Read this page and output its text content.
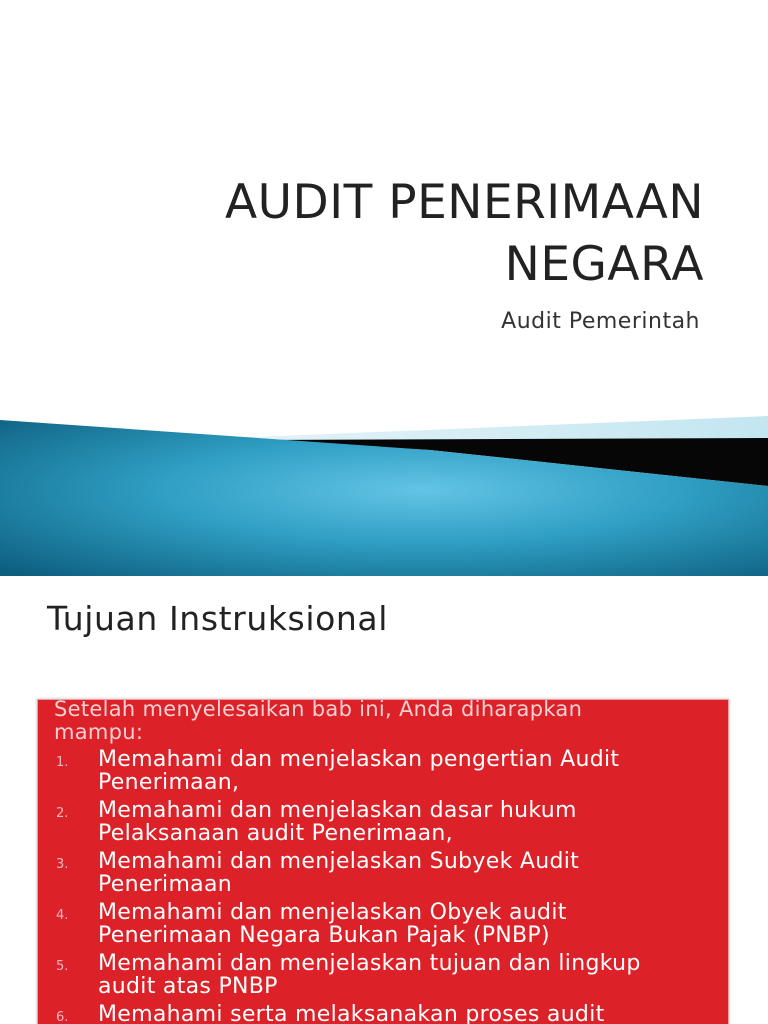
AUDIT PENERIMAAN
NEGARA
Audit Pemerintah
Tujuan Instruksional
Setelah menyelesaikan bab ini, Anda diharapkan
mampu:
1. Memahami dan menjelaskan pengertian Audit
Penerimaan,
2. Memahami dan menjelaskan dasar hukum
Pelaksanaan audit Penerimaan,
3. Memahami dan menjelaskan Subyek Audit
Penerimaan
4. Memahami dan menjelaskan Obyek audit
Penerimaan Negara Bukan Pajak (PNBP)
5. Memahami dan menjelaskan tujuan dan lingkup
audit atas PNBP
6. Memahami serta melaksanakan proses audit
